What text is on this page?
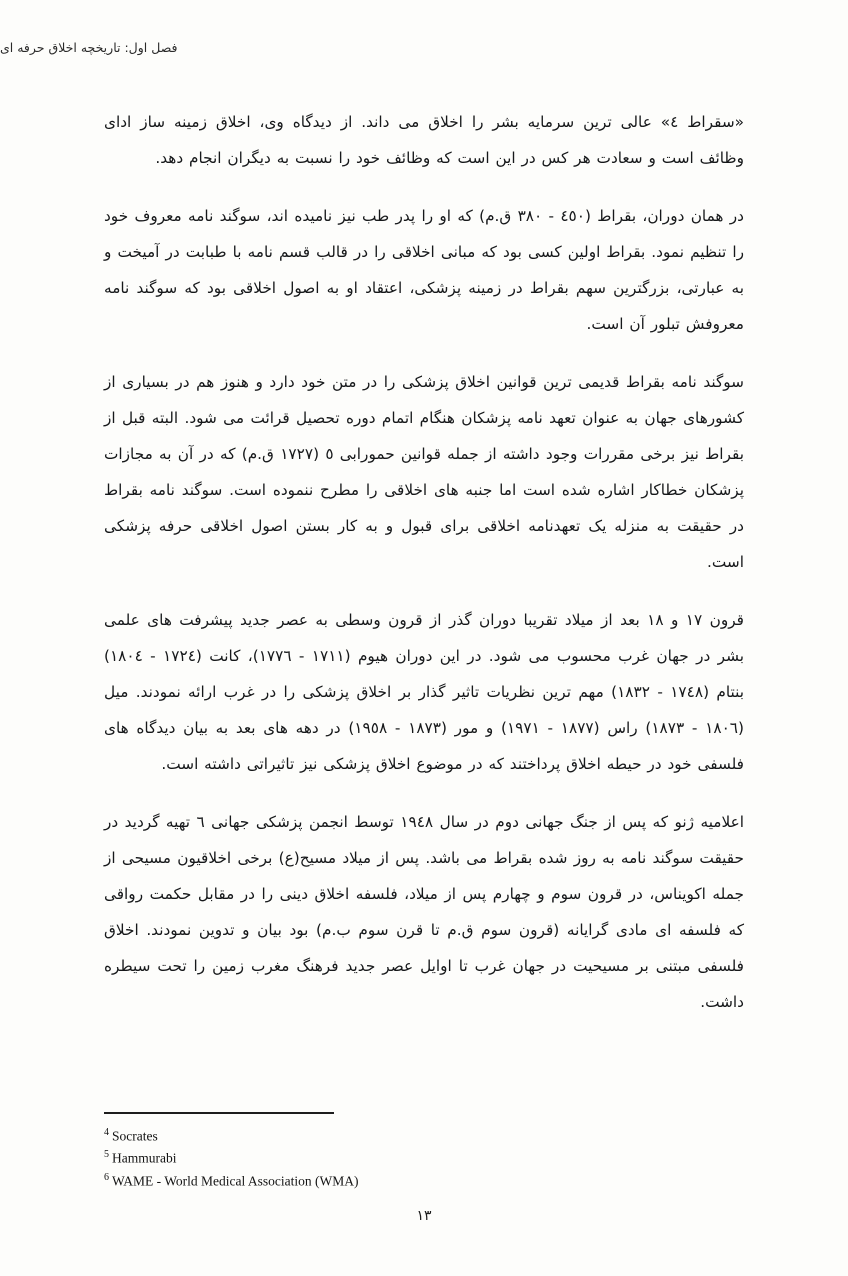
فصل اول: تاریخچه اخلاق حرفه ای

«سقراط ٤» عالی ترین سرمایه بشر را اخلاق می داند. از دیدگاه وی، اخلاق زمینه ساز ادای وظائف است و سعادت هر کس در این است که وظائف خود را نسبت به دیگران انجام دهد.

در همان دوران، بقراط (٤٥٠ - ٣٨٠ ق.م) که او را پدر طب نیز نامیده اند، سوگند نامه معروف خود را تنظیم نمود. بقراط اولین کسی بود که مبانی اخلاقی را در قالب قسم نامه با طبابت در آمیخت و به عبارتی، بزرگترین سهم بقراط در زمینه پزشکی، اعتقاد او به اصول اخلاقی بود که سوگند نامه معروفش تبلور آن است.

سوگند نامه بقراط قدیمی ترین قوانین اخلاق پزشکی را در متن خود دارد و هنوز هم در بسیاری از کشورهای جهان به عنوان تعهد نامه پزشکان هنگام اتمام دوره تحصیل قرائت می شود. البته قبل از بقراط نیز برخی مقررات وجود داشته از جمله قوانین حمورابی ٥ (١٧٢٧ ق.م) که در آن به مجازات پزشکان خطاکار اشاره شده است اما جنبه های اخلاقی را مطرح ننموده است. سوگند نامه بقراط در حقیقت به منزله یک تعهدنامه اخلاقی برای قبول و به کار بستن اصول اخلاقی حرفه پزشکی است.

قرون ١٧ و ١٨ بعد از میلاد تقریبا دوران گذر از قرون وسطی به عصر جدید پیشرفت های علمی بشر در جهان غرب محسوب می شود. در این دوران هیوم (١٧١١ - ١٧٧٦)، کانت (١٧٢٤ - ١٨٠٤) بنتام (١٧٤٨ - ١٨٣٢) مهم ترین نظریات تاثیر گذار بر اخلاق پزشکی را در غرب ارائه نمودند. میل (١٨٠٦ - ١٨٧٣) راس (١٨٧٧ - ١٩٧١) و مور (١٨٧٣ - ١٩٥٨) در دهه های بعد به بیان دیدگاه های فلسفی خود در حیطه اخلاق پرداختند که در موضوع اخلاق پزشکی نیز تاثیراتی داشته است.

اعلامیه ژنو که پس از جنگ جهانی دوم در سال ١٩٤٨ توسط انجمن پزشکی جهانی ٦ تهیه گردید در حقیقت سوگند نامه به روز شده بقراط می باشد. پس از میلاد مسیح(ع) برخی اخلاقیون مسیحی از جمله اکویناس، در قرون سوم و چهارم پس از میلاد، فلسفه اخلاق دینی را در مقابل حکمت رواقی که فلسفه ای مادی گرایانه (قرون سوم ق.م تا قرن سوم ب.م) بود بیان و تدوین نمودند. اخلاق فلسفی مبتنی بر مسیحیت در جهان غرب تا اوایل عصر جدید فرهنگ مغرب زمین را تحت سیطره داشت.

$^4$ Socrates
$^5$ Hammurabi
$^6$ WAME - World Medical Association (WMA)
١٣
